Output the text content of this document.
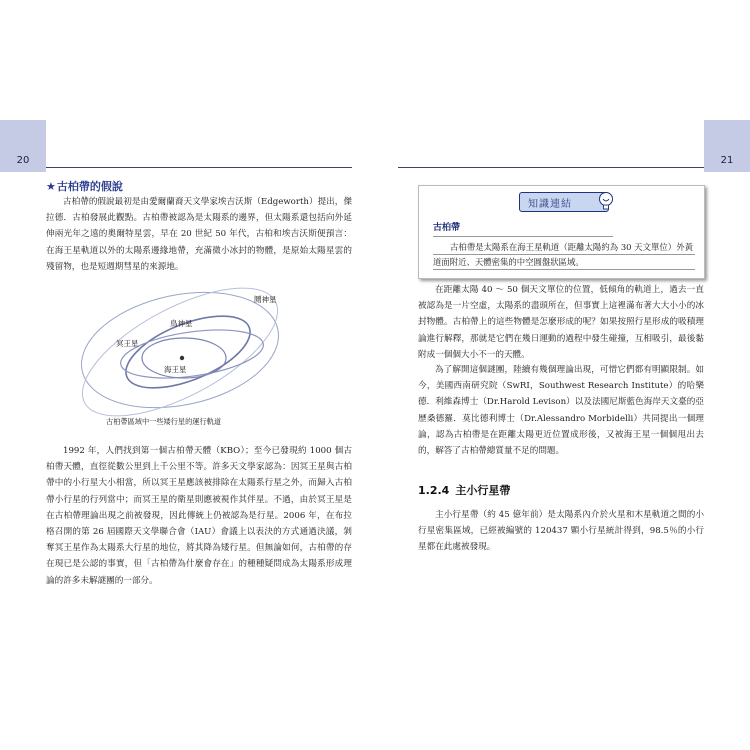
20	21
★古柏帶的假說

古柏帶的假說最初是由愛爾蘭裔天文學家埃吉沃斯（Edgeworth）提出，傑拉德．古柏發展此觀點。古柏帶被認為是太陽系的邊界，但太陽系還包括向外延伸兩光年之遠的奧爾特星雲，早在 20 世紀 50 年代，古柏和埃吉沃斯便預言：在海王星軌道以外的太陽系邊緣地帶，充滿微小冰封的物體，是原始太陽星雲的殘留物，也是短週期彗星的來源地。

冥王星
海王星
鬩神星
鳥神星
古柏帶區域中一些矮行星的運行軌道

1992 年，人們找到第一個古柏帶天體（KBO）；至今已發現約 1000 個古柏帶天體，直徑從數公里到上千公里不等。許多天文學家認為：因冥王星與古柏帶中的小行星大小相當，所以冥王星應該被排除在太陽系行星之外，而歸入古柏帶小行星的行列當中；而冥王星的衛星則應被視作其伴星。不過，由於冥王星是在古柏帶理論出現之前被發現，因此傳統上仍被認為是行星。2006 年，在布拉格召開的第 26 屆國際天文學聯合會（IAU）會議上以表決的方式通過決議，剝奪冥王星作為太陽系大行星的地位，將其降為矮行星。但無論如何，古柏帶的存在現已是公認的事實，但「古柏帶為什麼會存在」的種種疑問成為太陽系形成理論的許多未解謎團的一部分。

知識連結
古柏帶

古柏帶是太陽系在海王星軌道（距離太陽約為 30 天文單位）外黃道面附近、天體密集的中空圓盤狀區域。

在距離太陽 40 ～ 50 個天文單位的位置，低傾角的軌道上，過去一直被認為是一片空虛，太陽系的盡頭所在，但事實上這裡滿布著大大小小的冰封物體。古柏帶上的這些物體是怎麼形成的呢？如果按照行星形成的吸積理論進行解釋，那就是它們在幾日運動的過程中發生碰撞，互相吸引，最後黏附成一個個大小不一的天體。

為了解開這個謎團，陸續有幾個理論出現，可惜它們都有明顯限制。如今，美國西南研究院（SwRI，Southwest Research Institute）的哈樂德．利維森博士（Dr.Harold Levison）以及法國尼斯藍色海岸天文臺的亞歷桑德羅．莫比德利博士（Dr.Alessandro Morbidelli）共同提出一個理論，認為古柏帶是在距離太陽更近位置成形後，又被海王星一個個甩出去的，解答了古柏帶總質量不足的問題。

1.2.4 主小行星帶

主小行星帶（約 45 億年前）是太陽系內介於火星和木星軌道之間的小行星密集區域，已經被編號的 120437 顆小行星統計得到，98.5％的小行星都在此處被發現。
